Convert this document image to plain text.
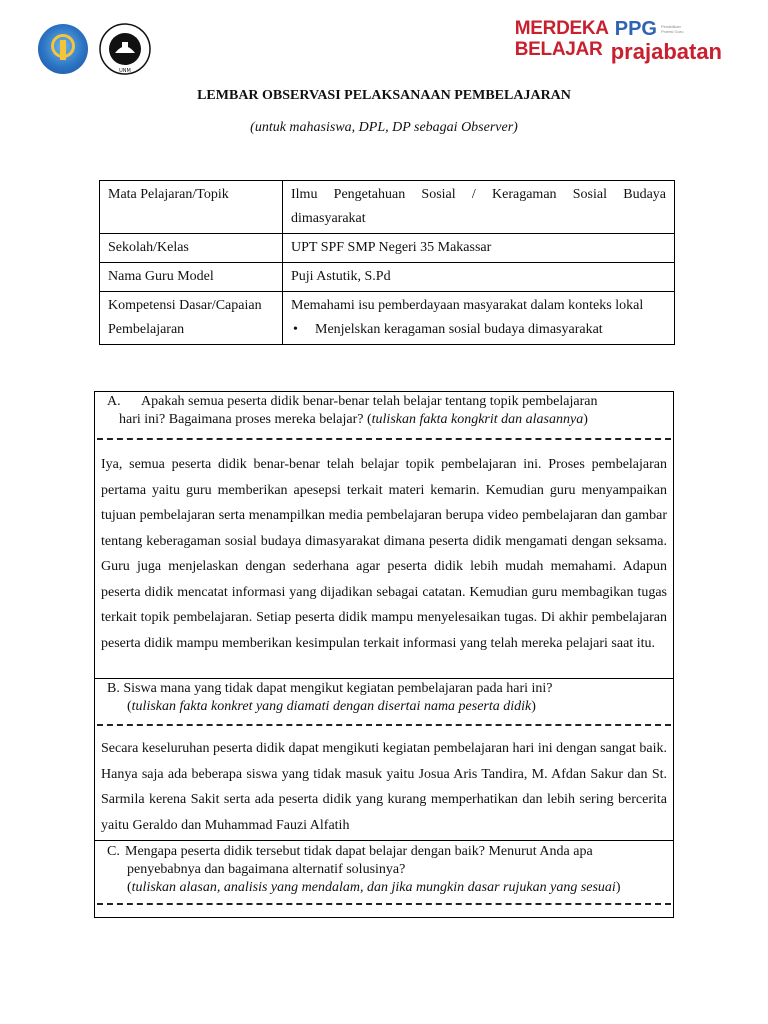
UNM
MERDEKA
BELAJAR
PPG Pendidikan Profesi Guru
prajabatan
LEMBAR OBSERVASI PELAKSANAAN PEMBELAJARAN
(untuk mahasiswa, DPL, DP sebagai Observer)
Mata Pelajaran/Topik	Ilmu Pengetahuan Sosial / Keragaman Sosial Budaya dimasyarakat
Sekolah/Kelas	UPT SPF SMP Negeri 35 Makassar
Nama Guru Model	Puji Astutik, S.Pd
Kompetensi Dasar/Capaian Pembelajaran	Memahami isu pemberdayaan masyarakat dalam konteks lokal
• Menjelskan keragaman sosial budaya dimasyarakat
A. Apakah semua peserta didik benar-benar telah belajar tentang topik pembelajaran
hari ini? Bagaimana proses mereka belajar? (tuliskan fakta kongkrit dan alasannya)
Iya, semua peserta didik benar-benar telah belajar topik pembelajaran ini. Proses pembelajaran pertama yaitu guru memberikan apesepsi terkait materi kemarin. Kemudian guru menyampaikan tujuan pembelajaran serta menampilkan media pembelajaran berupa video pembelajaran dan gambar tentang keberagaman sosial budaya dimasyarakat dimana peserta didik mengamati dengan seksama. Guru juga menjelaskan dengan sederhana agar peserta didik lebih mudah memahami. Adapun peserta didik mencatat informasi yang dijadikan sebagai catatan. Kemudian guru membagikan tugas terkait topik pembelajaran. Setiap peserta didik mampu menyelesaikan tugas. Di akhir pembelajaran peserta didik mampu memberikan kesimpulan terkait informasi yang telah mereka pelajari saat itu.
B. Siswa mana yang tidak dapat mengikut kegiatan pembelajaran pada hari ini?
(tuliskan fakta konkret yang diamati dengan disertai nama peserta didik)
Secara keseluruhan peserta didik dapat mengikuti kegiatan pembelajaran hari ini dengan sangat baik. Hanya saja ada beberapa siswa yang tidak masuk yaitu Josua Aris Tandira, M. Afdan Sakur dan St. Sarmila kerena Sakit serta ada peserta didik yang kurang memperhatikan dan lebih sering bercerita yaitu Geraldo dan Muhammad Fauzi Alfatih
C. Mengapa peserta didik tersebut tidak dapat belajar dengan baik? Menurut Anda apa
penyebabnya dan bagaimana alternatif solusinya?
(tuliskan alasan, analisis yang mendalam, dan jika mungkin dasar rujukan yang sesuai)
